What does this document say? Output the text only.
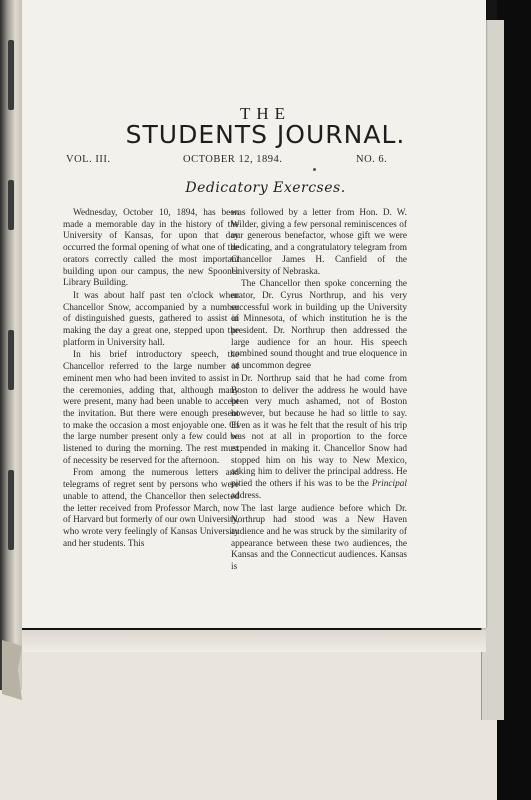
THE
STUDENTS JOURNAL.
VOL. III.	OCTOBER 12, 1894.	NO. 6.
Dedicatory Exercses.

Wednesday, October 10, 1894, has been made a memorable day in the history of the University of Kansas, for upon that day occurred the formal opening of what one of the orators correctly called the most important building upon our campus, the new Spooner Library Building.

It was about half past ten o'clock when Chancellor Snow, accompanied by a number of distinguished guests, gathered to assist in making the day a great one, stepped upon the platform in University hall.

In his brief introductory speech, the Chancellor referred to the large number of eminent men who had been invited to assist in the ceremonies, adding that, although many were present, many had been unable to accept the invitation. But there were enough present to make the occasion a most enjoyable one. Of the large number present only a few could be listened to during the morning. The rest must of necessity be reserved for the afternoon.

From among the numerous letters and telegrams of regret sent by persons who were unable to attend, the Chancellor then selected the letter received from Professor March, now of Harvard but formerly of our own University, who wrote very feelingly of Kansas University and her students. This

was followed by a letter from Hon. D. W. Wilder, giving a few personal reminiscences of our generous benefactor, whose gift we were dedicating, and a congratulatory telegram from Chancellor James H. Canfield of the University of Nebraska.

The Chancellor then spoke concerning the orator, Dr. Cyrus Northrup, and his very successful work in building up the University of Minnesota, of which institution he is the president. Dr. Northrup then addressed the large audience for an hour. His speech combined sound thought and true eloquence in an uncommon degree

Dr. Northrup said that he had come from Boston to deliver the address he would have been very much ashamed, not of Boston however, but because he had so little to say. Even as it was he felt that the result of his trip was not at all in proportion to the force expended in making it. Chancellor Snow had stopped him on his way to New Mexico, asking him to deliver the principal address. He pitied the others if his was to be the Principal address.

The last large audience before which Dr. Northrup had stood was a New Haven audience and he was struck by the similarity of appearance between these two audiences, the Kansas and the Connecticut audiences. Kansas is
